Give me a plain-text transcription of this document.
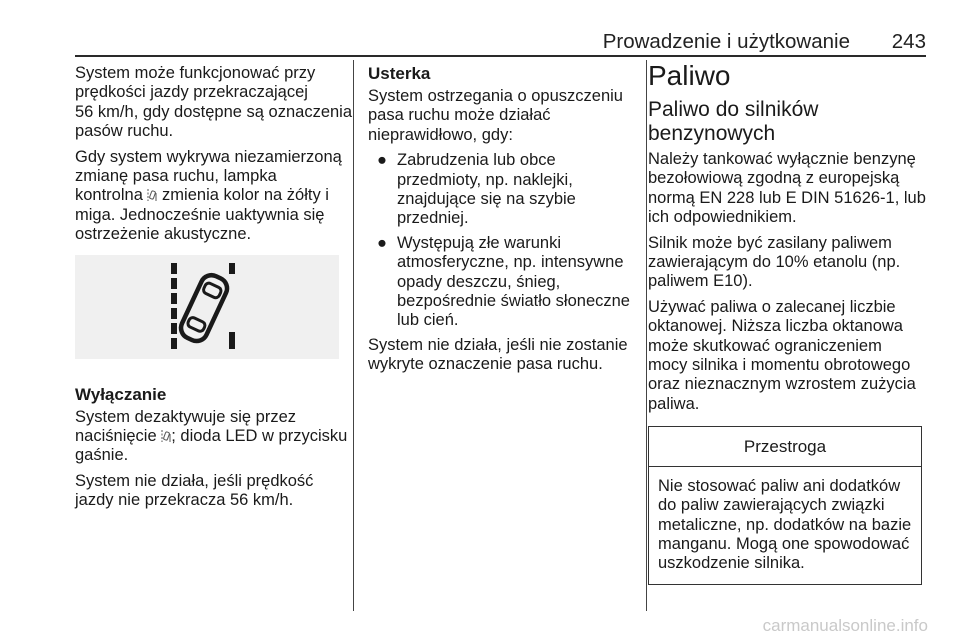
Prowadzenie i użytkowanie	243

System może funkcjonować przy
prędkości jazdy przekraczającej
56 km/h, gdy dostępne są oznaczenia
pasów ruchu.

Gdy system wykrywa niezamierzoną
zmianę pasa ruchu, lampka
kontrolna  zmienia kolor na żółty i
miga. Jednocześnie uaktywnia się
ostrzeżenie akustyczne.

Wyłączanie

System dezaktywuje się przez
naciśnięcie ; dioda LED w przycisku
gaśnie.

System nie działa, jeśli prędkość
jazdy nie przekracza 56 km/h.

Usterka

System ostrzegania o opuszczeniu
pasa ruchu może działać
nieprawidłowo, gdy:

● Zabrudzenia lub obce
przedmioty, np. naklejki,
znajdujące się na szybie
przedniej.
● Występują złe warunki
atmosferyczne, np. intensywne
opady deszczu, śnieg,
bezpośrednie światło słoneczne
lub cień.

System nie działa, jeśli nie zostanie
wykryte oznaczenie pasa ruchu.

Paliwo
Paliwo do silników
benzynowych

Należy tankować wyłącznie benzynę
bezołowiową zgodną z europejską
normą EN 228 lub E DIN 51626-1, lub
ich odpowiednikiem.

Silnik może być zasilany paliwem
zawierającym do 10% etanolu (np.
paliwem E10).

Używać paliwa o zalecanej liczbie
oktanowej. Niższa liczba oktanowa
może skutkować ograniczeniem
mocy silnika i momentu obrotowego
oraz nieznacznym wzrostem zużycia
paliwa.

Przestroga
Nie stosować paliw ani dodatków
do paliw zawierających związki
metaliczne, np. dodatków na bazie
manganu. Mogą one spowodować
uszkodzenie silnika.
carmanualsonline.info
